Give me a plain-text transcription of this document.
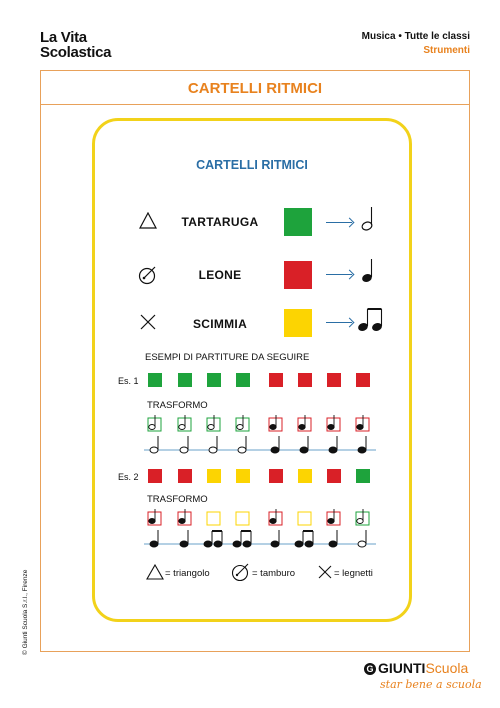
La Vita
Scolastica
Musica • Tutte le classi
Strumenti
CARTELLI RITMICI
CARTELLI RITMICI
TARTARUGA
LEONE
SCIMMIA
ESEMPI DI PARTITURE DA SEGUIRE
Es. 1
TRASFORMO
Es. 2
TRASFORMO
= triangolo	= tamburo	= legnetti
© Giunti Scuola S.r.l., Firenze
G GIUNTIScuola
star bene a scuola
